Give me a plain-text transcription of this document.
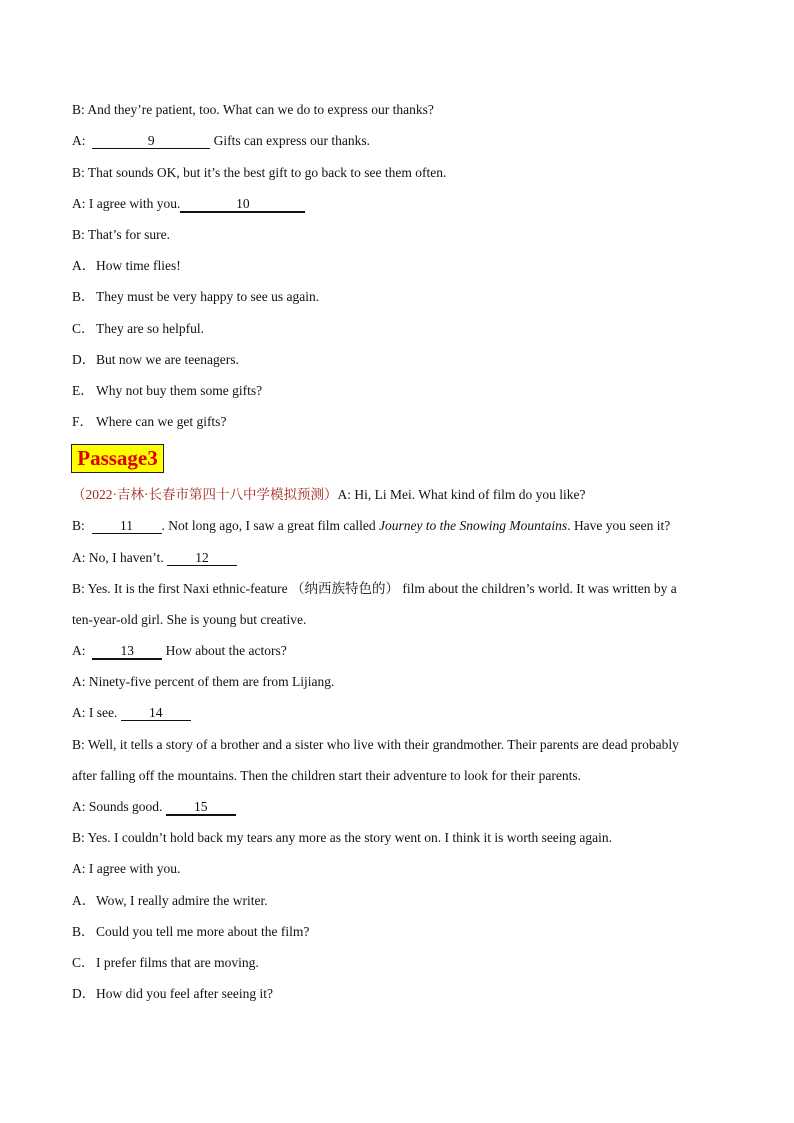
B: And they’re patient, too. What can we do to express our thanks?
A:	9	Gifts can express our thanks.
B: That sounds OK, but it’s the best gift to go back to see them often.
A: I agree with you.	10
B: That’s for sure.
A．How time flies!
B．They must be very happy to see us again.
C．They are so helpful.
D．But now we are teenagers.
E． Why not buy them some gifts?
F． Where can we get gifts?
Passage3
（2022·吉林·长春市第四十八中学模拟预测）A: Hi, Li Mei. What kind of film do you like?
B:	11 . Not long ago, I saw a great film called Journey to the Snowing Mountains. Have you seen it?
A: No, I haven’t. 12
B: Yes. It is the first Naxi ethnic-feature （纳西族特色的） film about the children’s world. It was written by a
ten-year-old girl. She is young but creative.
A:	13 How about the actors?
A: Ninety-five percent of them are from Lijiang.
A: I see. 14
B: Well, it tells a story of a brother and a sister who live with their grandmother. Their parents are dead probably
after falling off the mountains. Then the children start their adventure to look for their parents.
A: Sounds good. 15
B: Yes. I couldn’t hold back my tears any more as the story went on. I think it is worth seeing again.
A: I agree with you.
A．Wow, I really admire the writer.
B．Could you tell me more about the film?
C．I prefer films that are moving.
D．How did you feel after seeing it?
